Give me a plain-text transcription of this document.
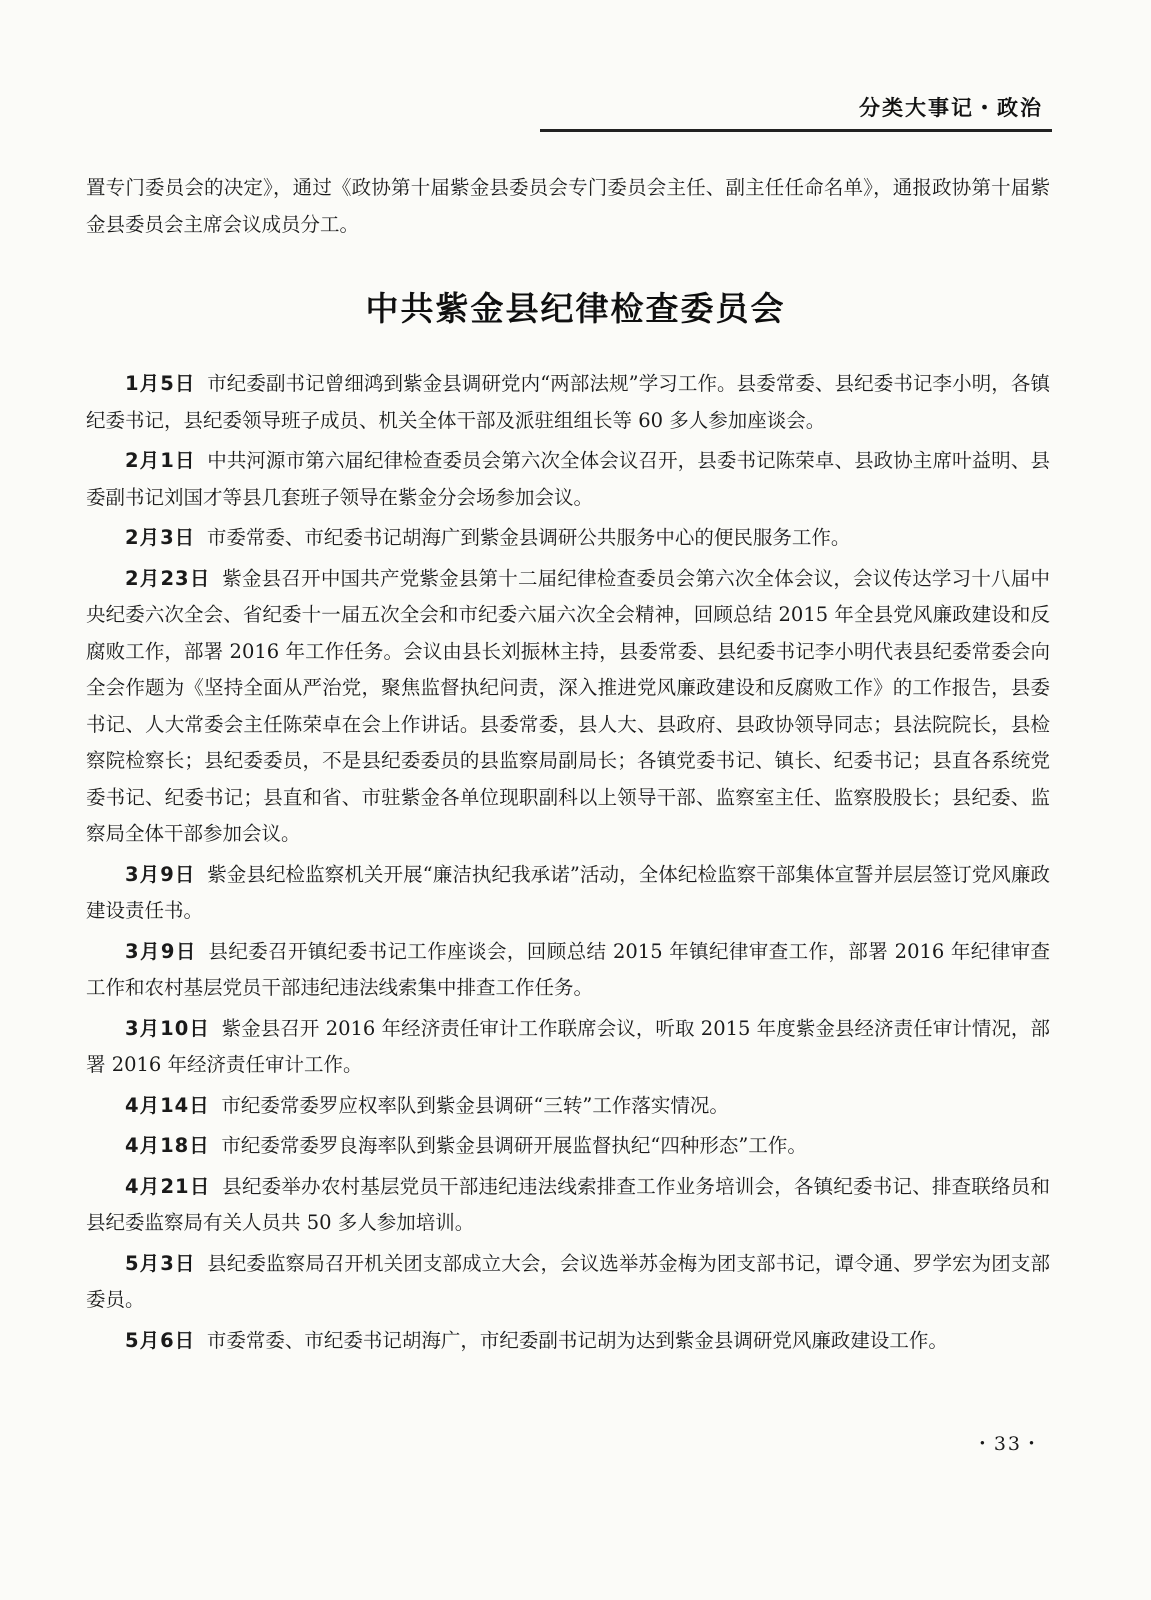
分类大事记・政治

置专门委员会的决定》，通过《政协第十届紫金县委员会专门委员会主任、副主任任命名单》，通报政协第十届紫金县委员会主席会议成员分工。

中共紫金县纪律检查委员会

1月5日 市纪委副书记曾细鸿到紫金县调研党内“两部法规”学习工作。县委常委、县纪委书记李小明，各镇纪委书记，县纪委领导班子成员、机关全体干部及派驻组组长等 60 多人参加座谈会。

2月1日 中共河源市第六届纪律检查委员会第六次全体会议召开，县委书记陈荣卓、县政协主席叶益明、县委副书记刘国才等县几套班子领导在紫金分会场参加会议。

2月3日 市委常委、市纪委书记胡海广到紫金县调研公共服务中心的便民服务工作。

2月23日 紫金县召开中国共产党紫金县第十二届纪律检查委员会第六次全体会议，会议传达学习十八届中央纪委六次全会、省纪委十一届五次全会和市纪委六届六次全会精神，回顾总结 2015 年全县党风廉政建设和反腐败工作，部署 2016 年工作任务。会议由县长刘振林主持，县委常委、县纪委书记李小明代表县纪委常委会向全会作题为《坚持全面从严治党，聚焦监督执纪问责，深入推进党风廉政建设和反腐败工作》的工作报告，县委书记、人大常委会主任陈荣卓在会上作讲话。县委常委，县人大、县政府、县政协领导同志；县法院院长，县检察院检察长；县纪委委员，不是县纪委委员的县监察局副局长；各镇党委书记、镇长、纪委书记；县直各系统党委书记、纪委书记；县直和省、市驻紫金各单位现职副科以上领导干部、监察室主任、监察股股长；县纪委、监察局全体干部参加会议。

3月9日 紫金县纪检监察机关开展“廉洁执纪我承诺”活动，全体纪检监察干部集体宣誓并层层签订党风廉政建设责任书。

3月9日 县纪委召开镇纪委书记工作座谈会，回顾总结 2015 年镇纪律审查工作，部署 2016 年纪律审查工作和农村基层党员干部违纪违法线索集中排查工作任务。

3月10日 紫金县召开 2016 年经济责任审计工作联席会议，听取 2015 年度紫金县经济责任审计情况，部署 2016 年经济责任审计工作。

4月14日 市纪委常委罗应权率队到紫金县调研“三转”工作落实情况。

4月18日 市纪委常委罗良海率队到紫金县调研开展监督执纪“四种形态”工作。

4月21日 县纪委举办农村基层党员干部违纪违法线索排查工作业务培训会，各镇纪委书记、排查联络员和县纪委监察局有关人员共 50 多人参加培训。

5月3日 县纪委监察局召开机关团支部成立大会，会议选举苏金梅为团支部书记，谭令通、罗学宏为团支部委员。

5月6日 市委常委、市纪委书记胡海广，市纪委副书记胡为达到紫金县调研党风廉政建设工作。

・33・
